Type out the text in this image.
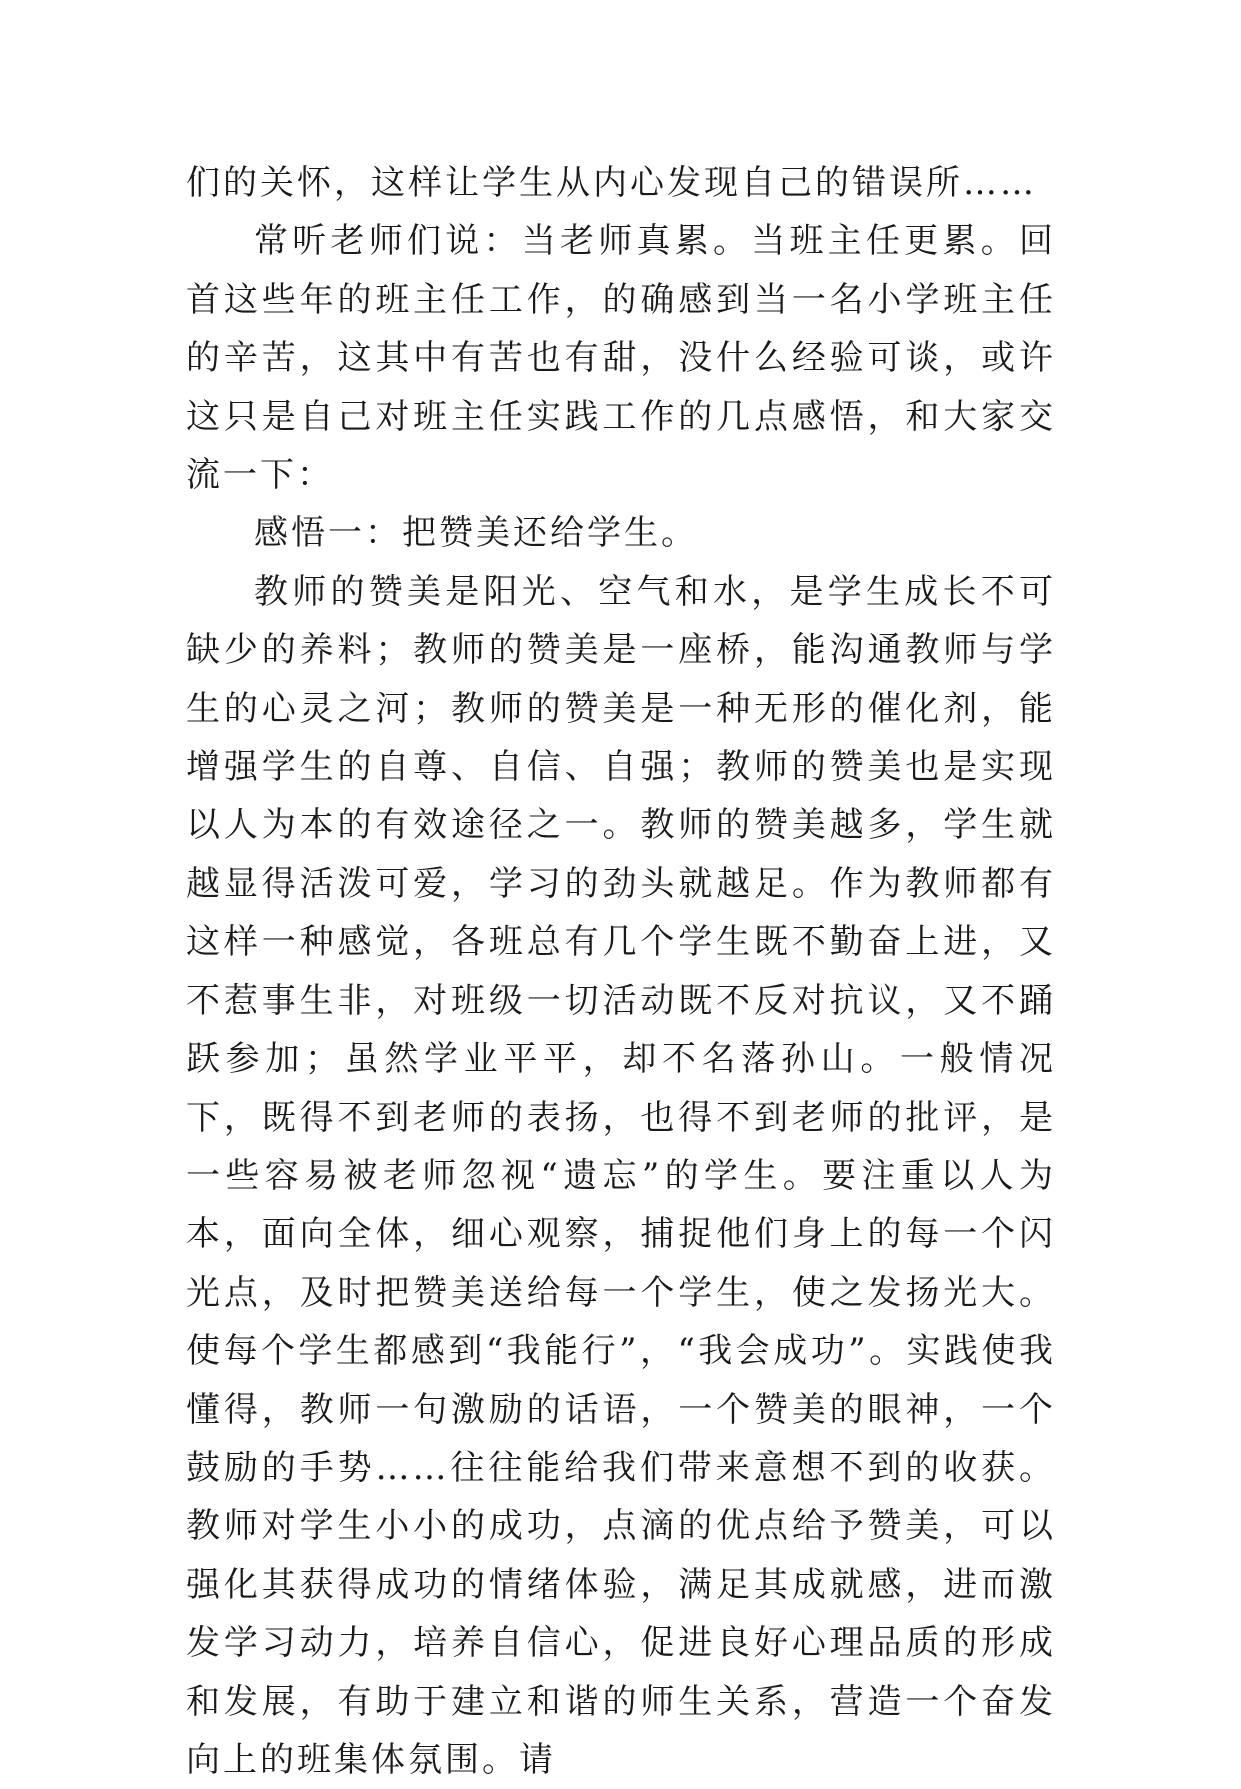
们的关怀，这样让学生从内心发现自己的错误所……

常听老师们说：当老师真累。当班主任更累。回首这些年的班主任工作，的确感到当一名小学班主任的辛苦，这其中有苦也有甜，没什么经验可谈，或许这只是自己对班主任实践工作的几点感悟，和大家交流一下：

感悟一：把赞美还给学生。

教师的赞美是阳光、空气和水，是学生成长不可缺少的养料；教师的赞美是一座桥，能沟通教师与学生的心灵之河；教师的赞美是一种无形的催化剂，能增强学生的自尊、自信、自强；教师的赞美也是实现以人为本的有效途径之一。教师的赞美越多，学生就越显得活泼可爱，学习的劲头就越足。作为教师都有这样一种感觉，各班总有几个学生既不勤奋上进，又不惹事生非，对班级一切活动既不反对抗议，又不踊跃参加；虽然学业平平，却不名落孙山。一般情况下，既得不到老师的表扬，也得不到老师的批评，是一些容易被老师忽视“遗忘”的学生。要注重以人为本，面向全体，细心观察，捕捉他们身上的每一个闪光点，及时把赞美送给每一个学生，使之发扬光大。使每个学生都感到“我能行”，“我会成功”。实践使我懂得，教师一句激励的话语，一个赞美的眼神，一个鼓励的手势……往往能给我们带来意想不到的收获。教师对学生小小的成功，点滴的优点给予赞美，可以强化其获得成功的情绪体验，满足其成就感，进而激发学习动力，培养自信心，促进良好心理品质的形成和发展，有助于建立和谐的师生关系，营造一个奋发向上的班集体氛围。请
